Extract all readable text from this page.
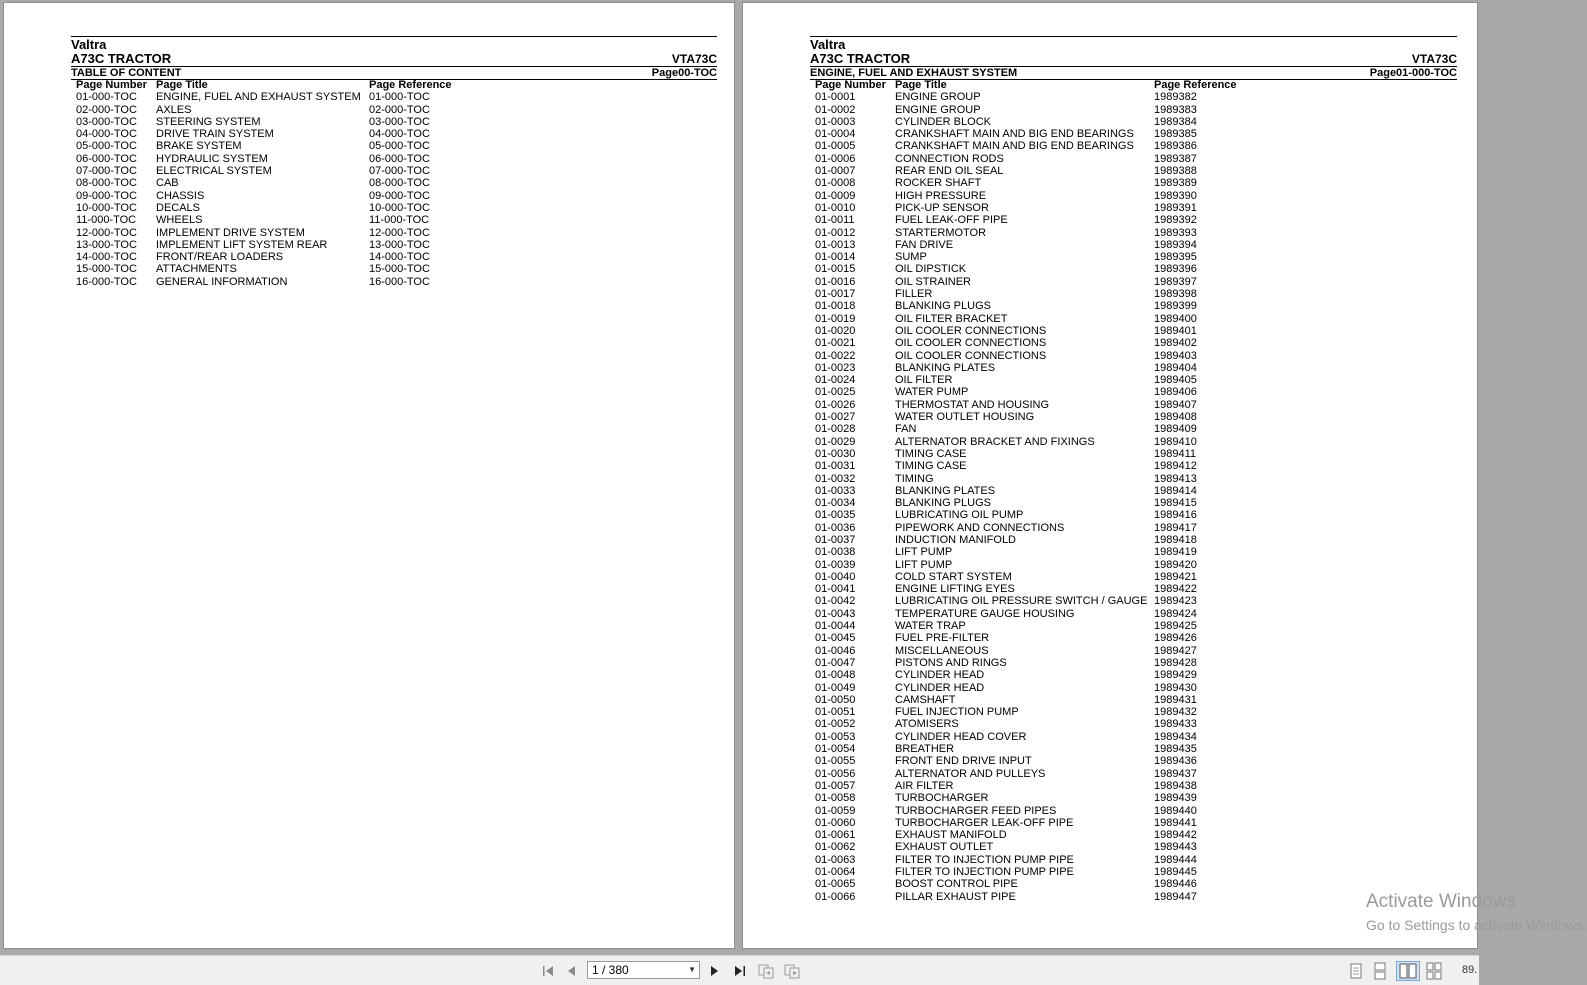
Valtra
A73C TRACTOR	VTA73C
TABLE OF CONTENT	Page00-TOC
Page Number Page Title	Page Reference
01-000-TOC ENGINE, FUEL AND EXHAUST SYSTEM 01-000-TOC
02-000-TOC AXLES	02-000-TOC
03-000-TOC STEERING SYSTEM	03-000-TOC
04-000-TOC DRIVE TRAIN SYSTEM	04-000-TOC
05-000-TOC BRAKE SYSTEM	05-000-TOC
06-000-TOC HYDRAULIC SYSTEM	06-000-TOC
07-000-TOC ELECTRICAL SYSTEM	07-000-TOC
08-000-TOC CAB	08-000-TOC
09-000-TOC CHASSIS	09-000-TOC
10-000-TOC DECALS	10-000-TOC
11-000-TOC WHEELS	11-000-TOC
12-000-TOC IMPLEMENT DRIVE SYSTEM	12-000-TOC
13-000-TOC IMPLEMENT LIFT SYSTEM REAR	13-000-TOC
14-000-TOC FRONT/REAR LOADERS	14-000-TOC
15-000-TOC ATTACHMENTS	15-000-TOC
16-000-TOC GENERAL INFORMATION	16-000-TOC
Valtra
A73C TRACTOR	VTA73C
ENGINE, FUEL AND EXHAUST SYSTEM	Page01-000-TOC
Page Number Page Title	Page Reference
01-0001	ENGINE GROUP	1989382
01-0002	ENGINE GROUP	1989383
01-0003	CYLINDER BLOCK	1989384
01-0004	CRANKSHAFT MAIN AND BIG END BEARINGS 1989385
01-0005	CRANKSHAFT MAIN AND BIG END BEARINGS 1989386
01-0006	CONNECTION RODS	1989387
01-0007	REAR END OIL SEAL	1989388
01-0008	ROCKER SHAFT	1989389
01-0009	HIGH PRESSURE	1989390
01-0010	PICK-UP SENSOR	1989391
01-0011	FUEL LEAK-OFF PIPE	1989392
01-0012	STARTERMOTOR	1989393
01-0013	FAN DRIVE	1989394
01-0014	SUMP	1989395
01-0015	OIL DIPSTICK	1989396
01-0016	OIL STRAINER	1989397
01-0017	FILLER	1989398
01-0018	BLANKING PLUGS	1989399
01-0019	OIL FILTER BRACKET	1989400
01-0020	OIL COOLER CONNECTIONS	1989401
01-0021	OIL COOLER CONNECTIONS	1989402
01-0022	OIL COOLER CONNECTIONS	1989403
01-0023	BLANKING PLATES	1989404
01-0024	OIL FILTER	1989405
01-0025	WATER PUMP	1989406
01-0026	THERMOSTAT AND HOUSING	1989407
01-0027	WATER OUTLET HOUSING	1989408
01-0028	FAN	1989409
01-0029	ALTERNATOR BRACKET AND FIXINGS	1989410
01-0030	TIMING CASE	1989411
01-0031	TIMING CASE	1989412
01-0032	TIMING	1989413
01-0033	BLANKING PLATES	1989414
01-0034	BLANKING PLUGS	1989415
01-0035	LUBRICATING OIL PUMP	1989416
01-0036	PIPEWORK AND CONNECTIONS	1989417
01-0037	INDUCTION MANIFOLD	1989418
01-0038	LIFT PUMP	1989419
01-0039	LIFT PUMP	1989420
01-0040	COLD START SYSTEM	1989421
01-0041	ENGINE LIFTING EYES	1989422
01-0042	LUBRICATING OIL PRESSURE SWITCH / GAUGE 1989423
01-0043	TEMPERATURE GAUGE HOUSING	1989424
01-0044	WATER TRAP	1989425
01-0045	FUEL PRE-FILTER	1989426
01-0046	MISCELLANEOUS	1989427
01-0047	PISTONS AND RINGS	1989428
01-0048	CYLINDER HEAD	1989429
01-0049	CYLINDER HEAD	1989430
01-0050	CAMSHAFT	1989431
01-0051	FUEL INJECTION PUMP	1989432
01-0052	ATOMISERS	1989433
01-0053	CYLINDER HEAD COVER	1989434
01-0054	BREATHER	1989435
01-0055	FRONT END DRIVE INPUT	1989436
01-0056	ALTERNATOR AND PULLEYS	1989437
01-0057	AIR FILTER	1989438
01-0058	TURBOCHARGER	1989439
01-0059	TURBOCHARGER FEED PIPES	1989440
01-0060	TURBOCHARGER LEAK-OFF PIPE	1989441
01-0061	EXHAUST MANIFOLD	1989442
01-0062	EXHAUST OUTLET	1989443
01-0063	FILTER TO INJECTION PUMP PIPE	1989444
01-0064	FILTER TO INJECTION PUMP PIPE	1989445
01-0065	BOOST CONTROL PIPE	1989446
01-0066	PILLAR EXHAUST PIPE	1989447	Activate Windows
Go to Settings to activate Windows.
1 / 380	▼	89.
